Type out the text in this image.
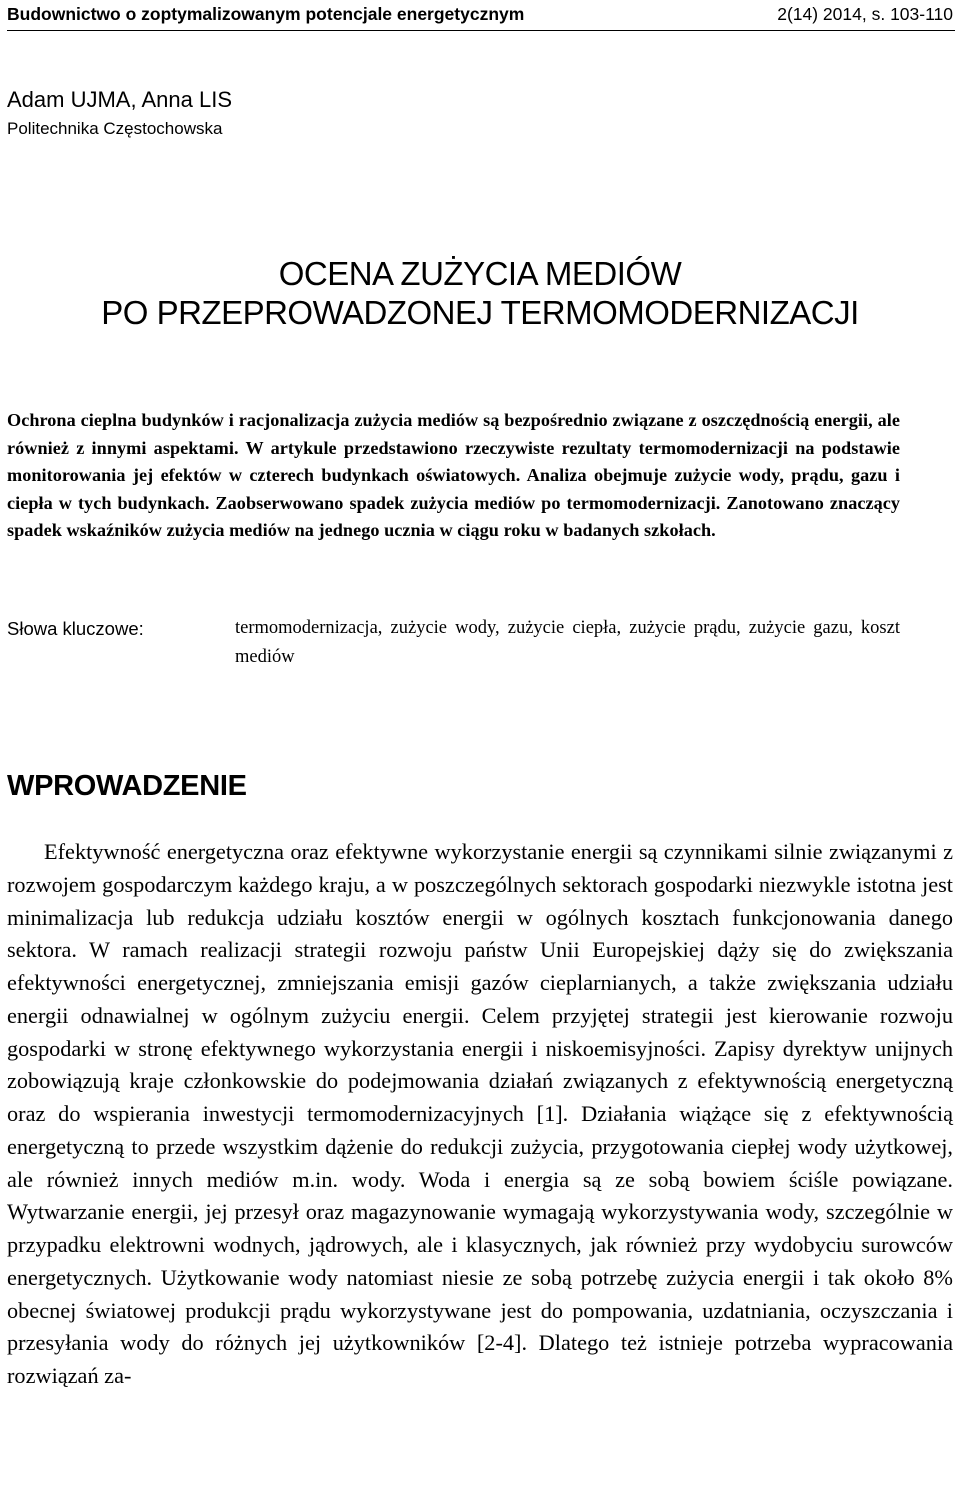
Budownictwo o zoptymalizowanym potencjale energetycznym	2(14) 2014, s. 103-110
Adam UJMA, Anna LIS
Politechnika Częstochowska
OCENA ZUŻYCIA MEDIÓW
PO PRZEPROWADZONEJ TERMOMODERNIZACJI

Ochrona cieplna budynków i racjonalizacja zużycia mediów są bezpośrednio związane z oszczędnością energii, ale również z innymi aspektami. W artykule przedstawiono rzeczywiste rezultaty termomodernizacji na podstawie monitorowania jej efektów w czterech budynkach oświatowych. Analiza obejmuje zużycie wody, prądu, gazu i ciepła w tych budynkach. Zaobserwowano spadek zużycia mediów po termomodernizacji. Zanotowano znaczący spadek wskaźników zużycia mediów na jednego ucznia w ciągu roku w badanych szkołach.

Słowa kluczowe:	termomodernizacja, zużycie wody, zużycie ciepła, zużycie prądu, zużycie gazu, koszt mediów
WPROWADZENIE

Efektywność energetyczna oraz efektywne wykorzystanie energii są czynnikami silnie związanymi z rozwojem gospodarczym każdego kraju, a w poszczególnych sektorach gospodarki niezwykle istotna jest minimalizacja lub redukcja udziału kosztów energii w ogólnych kosztach funkcjonowania danego sektora. W ramach realizacji strategii rozwoju państw Unii Europejskiej dąży się do zwiększania efektywności energetycznej, zmniejszania emisji gazów cieplarnianych, a także zwiększania udziału energii odnawialnej w ogólnym zużyciu energii. Celem przyjętej strategii jest kierowanie rozwoju gospodarki w stronę efektywnego wykorzystania energii i niskoemisyjności. Zapisy dyrektyw unijnych zobowiązują kraje członkowskie do podejmowania działań związanych z efektywnością energetyczną oraz do wspierania inwestycji termomodernizacyjnych [1]. Działania wiążące się z efektywnością energetyczną to przede wszystkim dążenie do redukcji zużycia, przygotowania ciepłej wody użytkowej, ale również innych mediów m.in. wody. Woda i energia są ze sobą bowiem ściśle powiązane. Wytwarzanie energii, jej przesył oraz magazynowanie wymagają wykorzystywania wody, szczególnie w przypadku elektrowni wodnych, jądrowych, ale i klasycznych, jak również przy wydobyciu surowców energetycznych. Użytkowanie wody natomiast niesie ze sobą potrzebę zużycia energii i tak około 8% obecnej światowej produkcji prądu wykorzystywane jest do pompowania, uzdatniania, oczyszczania i przesyłania wody do różnych jej użytkowników [2-4]. Dlatego też istnieje potrzeba wypracowania rozwiązań za-
